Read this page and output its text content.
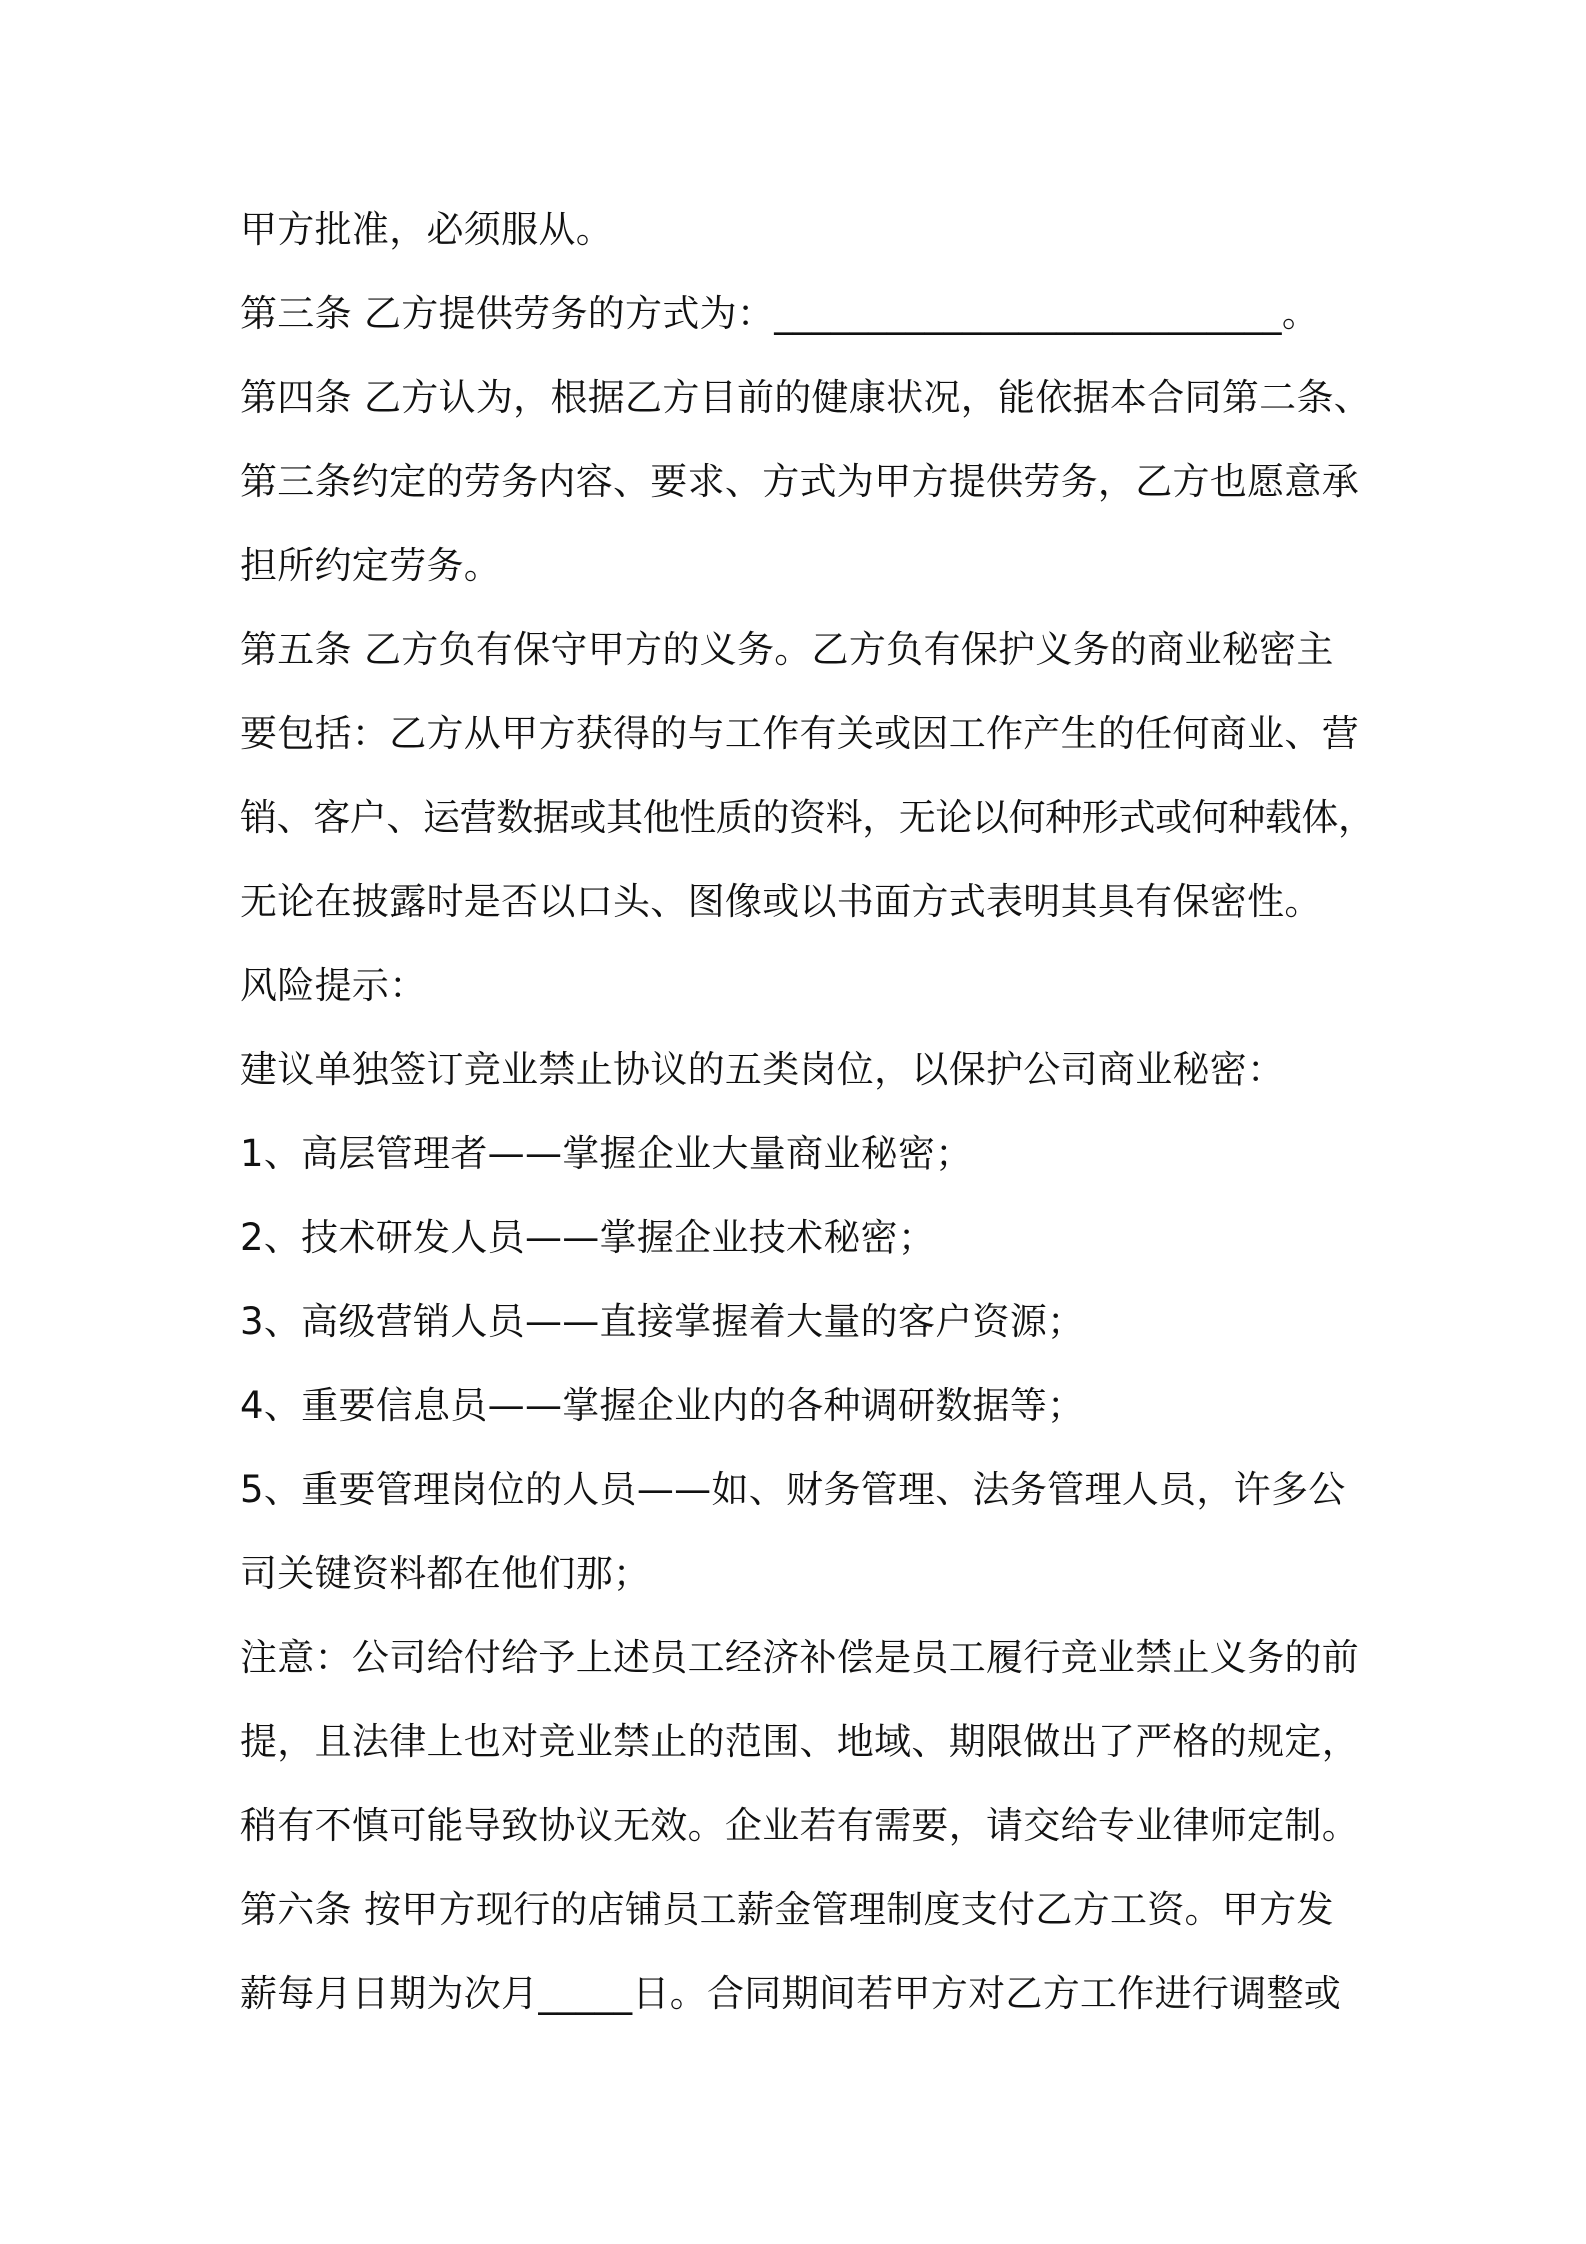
甲方批准，必须服从。
第三条 乙方提供劳务的方式为：___________________________。
第四条 乙方认为，根据乙方目前的健康状况，能依据本合同第二条、
第三条约定的劳务内容、要求、方式为甲方提供劳务，乙方也愿意承
担所约定劳务。
第五条 乙方负有保守甲方的义务。乙方负有保护义务的商业秘密主
要包括：乙方从甲方获得的与工作有关或因工作产生的任何商业、营
销、客户、运营数据或其他性质的资料，无论以何种形式或何种载体，
无论在披露时是否以口头、图像或以书面方式表明其具有保密性。
风险提示：
建议单独签订竞业禁止协议的五类岗位，以保护公司商业秘密：
1、高层管理者——掌握企业大量商业秘密；
2、技术研发人员——掌握企业技术秘密；
3、高级营销人员——直接掌握着大量的客户资源；
4、重要信息员——掌握企业内的各种调研数据等；
5、重要管理岗位的人员——如、财务管理、法务管理人员，许多公
司关键资料都在他们那；
注意：公司给付给予上述员工经济补偿是员工履行竞业禁止义务的前
提，且法律上也对竞业禁止的范围、地域、期限做出了严格的规定，
稍有不慎可能导致协议无效。企业若有需要，请交给专业律师定制。
第六条 按甲方现行的店铺员工薪金管理制度支付乙方工资。甲方发
薪每月日期为次月_____日。合同期间若甲方对乙方工作进行调整或
